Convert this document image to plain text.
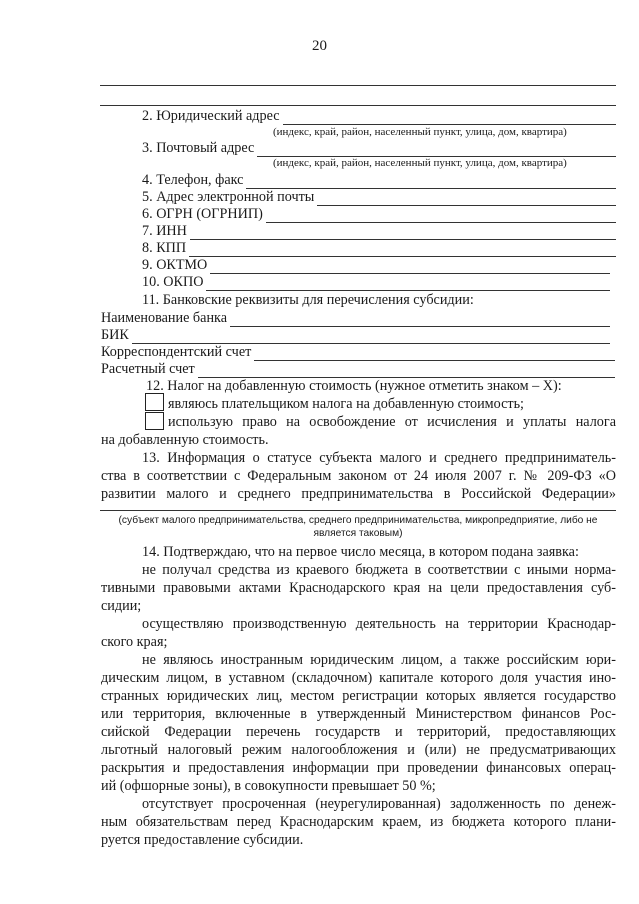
20
2. Юридический адрес
(индекс, край, район, населенный пункт, улица, дом, квартира)
3. Почтовый адрес
(индекс, край, район, населенный пункт, улица, дом, квартира)
4. Телефон, факс
5. Адрес электронной почты
6. ОГРН (ОГРНИП)
7. ИНН
8. КПП
9. ОКТМО
10. ОКПО
11. Банковские реквизиты для перечисления субсидии:
Наименование банка
БИК
Корреспондентский счет
Расчетный счет
12. Налог на добавленную стоимость (нужное отметить знаком – Х):
являюсь плательщиком налога на добавленную стоимость;
использую право на освобождение от исчисления и уплаты налога
на добавленную стоимость.
13. Информация о статусе субъекта малого и среднего предприниматель-
ства в соответствии с Федеральным законом от 24 июля 2007 г. № 209-ФЗ «О
развитии малого и среднего предпринимательства в Российской Федерации»
(субъект малого предпринимательства, среднего предпринимательства, микропредприятие, либо не
является таковым)
14. Подтверждаю, что на первое число месяца, в котором подана заявка:
не получал средства из краевого бюджета в соответствии с иными норма-
тивными правовыми актами Краснодарского края на цели предоставления суб-
сидии;
осуществляю производственную деятельность на территории Краснодар-
ского края;
не являюсь иностранным юридическим лицом, а также российским юри-
дическим лицом, в уставном (складочном) капитале которого доля участия ино-
странных юридических лиц, местом регистрации которых является государство
или территория, включенные в утвержденный Министерством финансов Рос-
сийской Федерации перечень государств и территорий, предоставляющих
льготный налоговый режим налогообложения и (или) не предусматривающих
раскрытия и предоставления информации при проведении финансовых операц-
ий (офшорные зоны), в совокупности превышает 50 %;
отсутствует просроченная (неурегулированная) задолженность по денеж-
ным обязательствам перед Краснодарским краем, из бюджета которого плани-
руется предоставление субсидии.
